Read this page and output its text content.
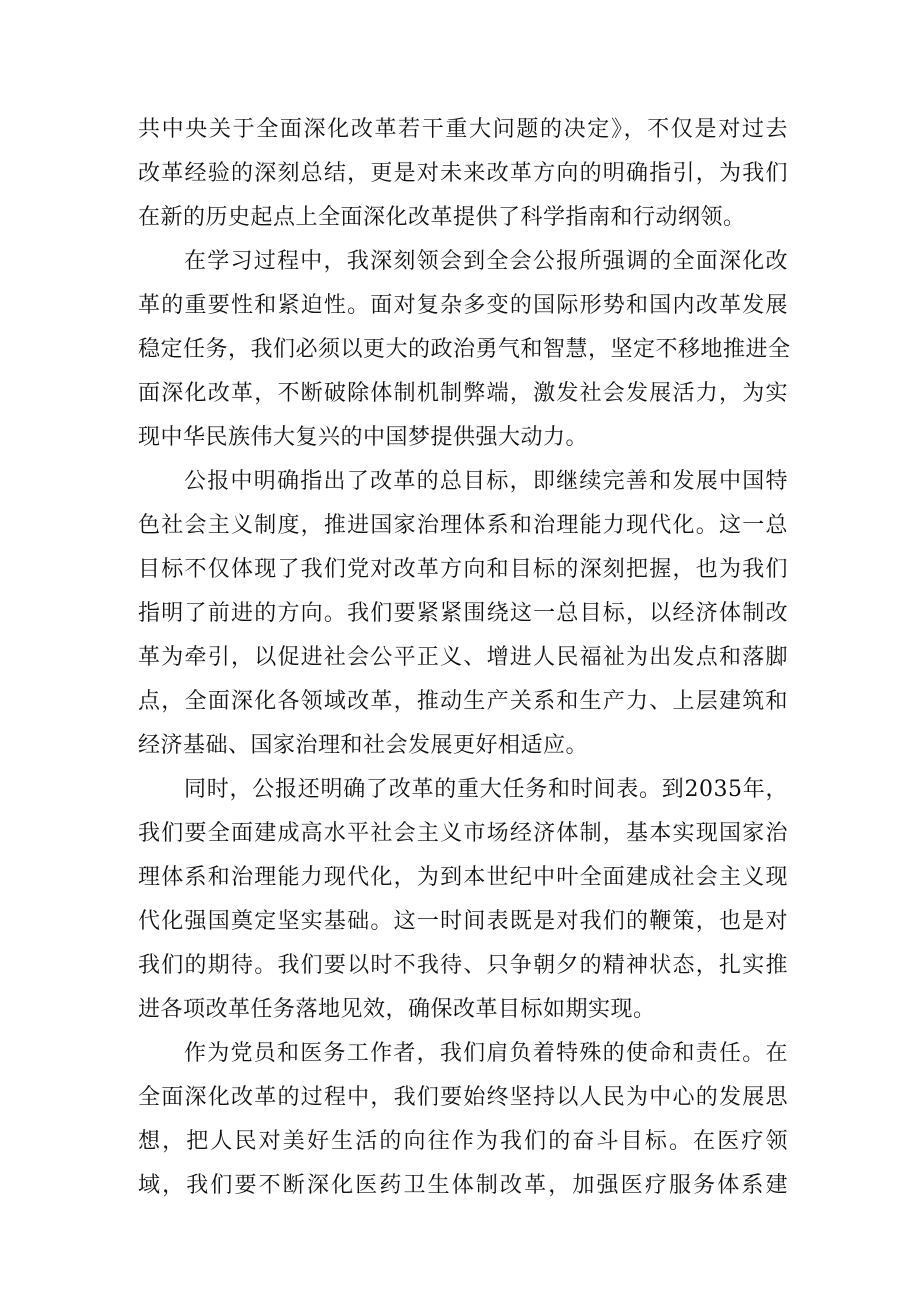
共中央关于全面深化改革若干重大问题的决定》，不仅是对过去

改革经验的深刻总结，更是对未来改革方向的明确指引，为我们

在新的历史起点上全面深化改革提供了科学指南和行动纲领。

在学习过程中，我深刻领会到全会公报所强调的全面深化改

革的重要性和紧迫性。面对复杂多变的国际形势和国内改革发展

稳定任务，我们必须以更大的政治勇气和智慧，坚定不移地推进全

面深化改革，不断破除体制机制弊端，激发社会发展活力，为实

现中华民族伟大复兴的中国梦提供强大动力。

公报中明确指出了改革的总目标，即继续完善和发展中国特

色社会主义制度，推进国家治理体系和治理能力现代化。这一总

目标不仅体现了我们党对改革方向和目标的深刻把握，也为我们

指明了前进的方向。我们要紧紧围绕这一总目标，以经济体制改

革为牵引，以促进社会公平正义、增进人民福祉为出发点和落脚

点，全面深化各领域改革，推动生产关系和生产力、上层建筑和

经济基础、国家治理和社会发展更好相适应。

同时，公报还明确了改革的重大任务和时间表。到2035年，

我们要全面建成高水平社会主义市场经济体制，基本实现国家治

理体系和治理能力现代化，为到本世纪中叶全面建成社会主义现

代化强国奠定坚实基础。这一时间表既是对我们的鞭策，也是对

我们的期待。我们要以时不我待、只争朝夕的精神状态，扎实推

进各项改革任务落地见效，确保改革目标如期实现。

作为党员和医务工作者，我们肩负着特殊的使命和责任。在

全面深化改革的过程中，我们要始终坚持以人民为中心的发展思

想，把人民对美好生活的向往作为我们的奋斗目标。在医疗领

域，我们要不断深化医药卫生体制改革，加强医疗服务体系建
